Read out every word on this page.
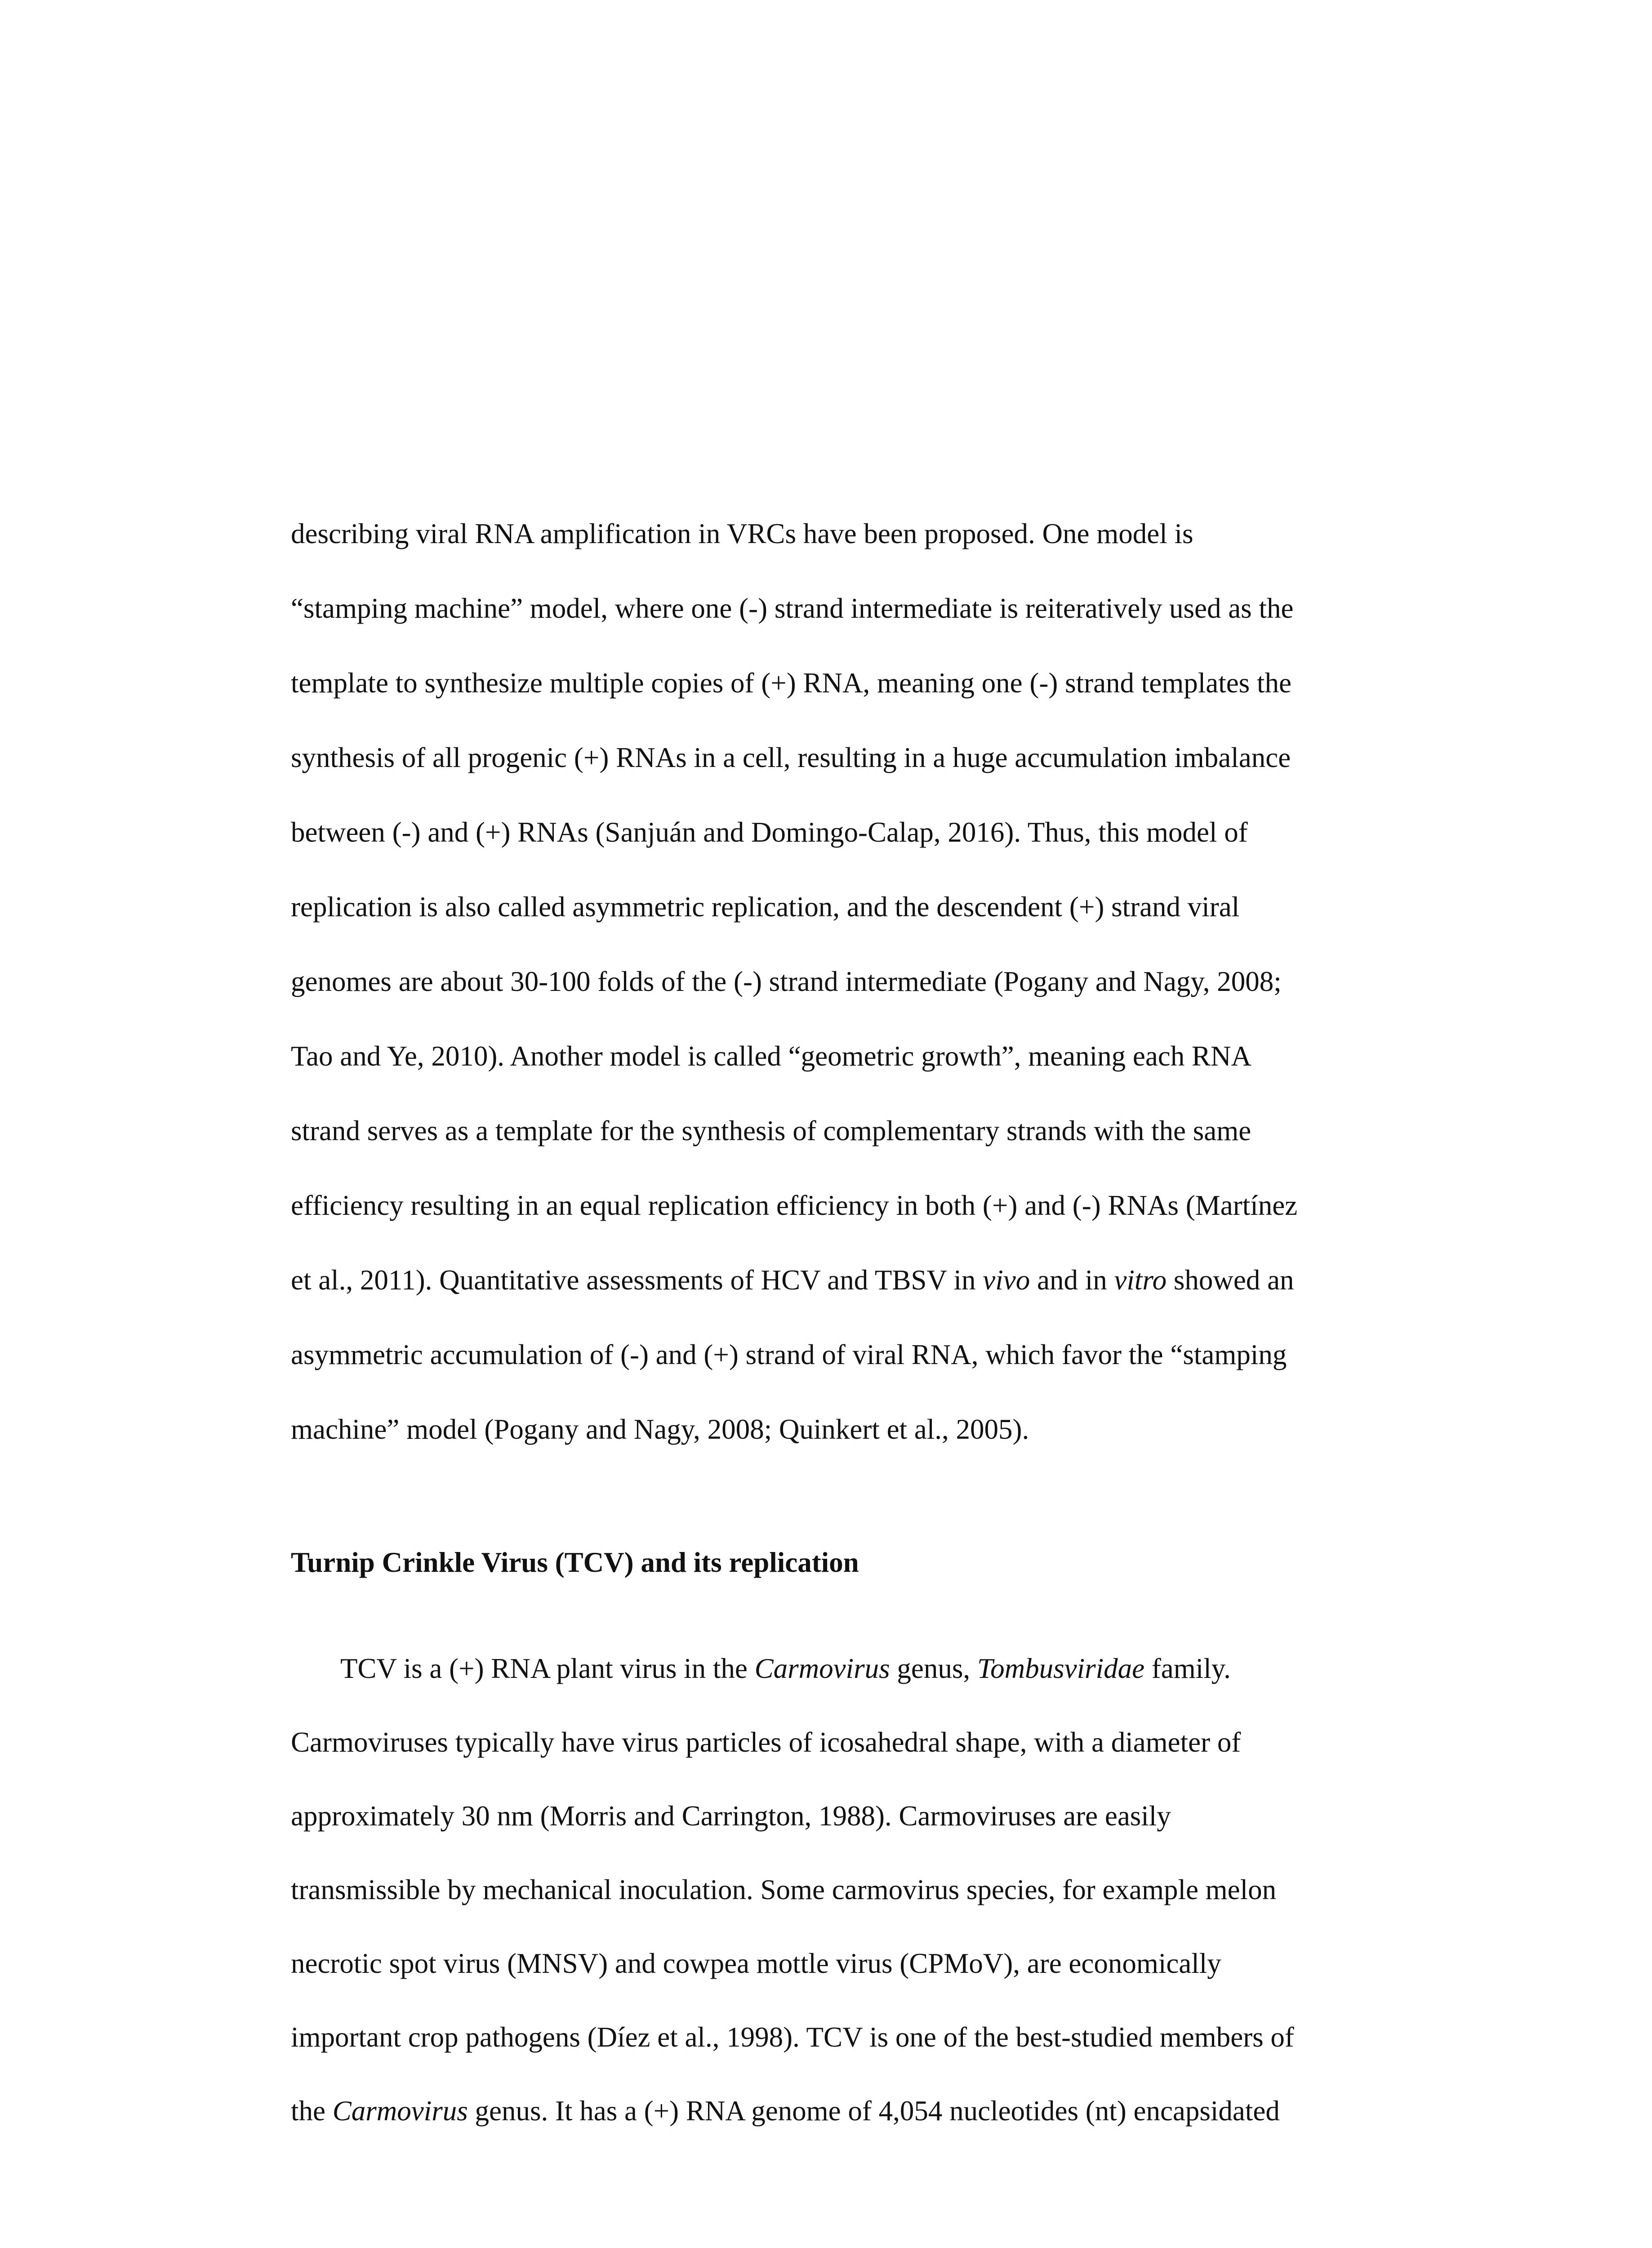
describing viral RNA amplification in VRCs have been proposed. One model is
“stamping machine” model, where one (-) strand intermediate is reiteratively used as the
template to synthesize multiple copies of (+) RNA, meaning one (-) strand templates the
synthesis of all progenic (+) RNAs in a cell, resulting in a huge accumulation imbalance
between (-) and (+) RNAs (Sanjuán and Domingo-Calap, 2016). Thus, this model of
replication is also called asymmetric replication, and the descendent (+) strand viral
genomes are about 30-100 folds of the (-) strand intermediate (Pogany and Nagy, 2008;
Tao and Ye, 2010). Another model is called “geometric growth”, meaning each RNA
strand serves as a template for the synthesis of complementary strands with the same
efficiency resulting in an equal replication efficiency in both (+) and (-) RNAs (Martínez
et al., 2011). Quantitative assessments of HCV and TBSV in vivo and in vitro showed an
asymmetric accumulation of (-) and (+) strand of viral RNA, which favor the “stamping
machine” model (Pogany and Nagy, 2008; Quinkert et al., 2005).
Turnip Crinkle Virus (TCV) and its replication
TCV is a (+) RNA plant virus in the Carmovirus genus, Tombusviridae family.
Carmoviruses typically have virus particles of icosahedral shape, with a diameter of
approximately 30 nm (Morris and Carrington, 1988). Carmoviruses are easily
transmissible by mechanical inoculation. Some carmovirus species, for example melon
necrotic spot virus (MNSV) and cowpea mottle virus (CPMoV), are economically
important crop pathogens (Díez et al., 1998). TCV is one of the best-studied members of
the Carmovirus genus. It has a (+) RNA genome of 4,054 nucleotides (nt) encapsidated
